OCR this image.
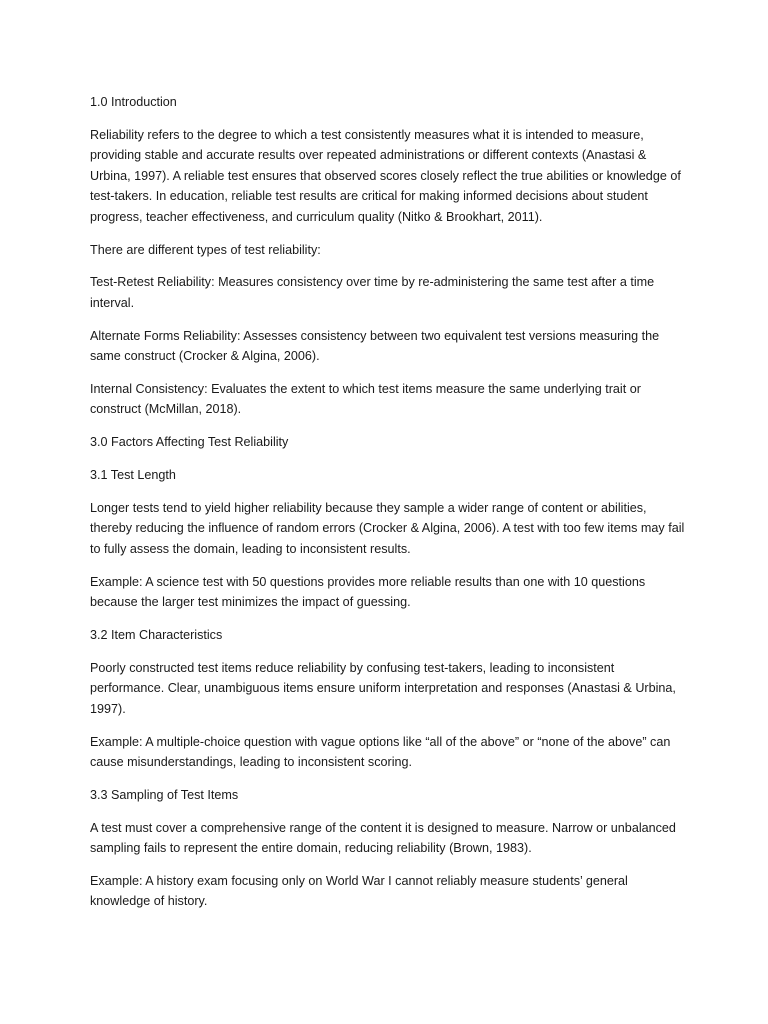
1.0 Introduction

Reliability refers to the degree to which a test consistently measures what it is intended to measure, providing stable and accurate results over repeated administrations or different contexts (Anastasi & Urbina, 1997). A reliable test ensures that observed scores closely reflect the true abilities or knowledge of test-takers. In education, reliable test results are critical for making informed decisions about student progress, teacher effectiveness, and curriculum quality (Nitko & Brookhart, 2011).

There are different types of test reliability:

Test-Retest Reliability: Measures consistency over time by re-administering the same test after a time interval.

Alternate Forms Reliability: Assesses consistency between two equivalent test versions measuring the same construct (Crocker & Algina, 2006).

Internal Consistency: Evaluates the extent to which test items measure the same underlying trait or construct (McMillan, 2018).

3.0 Factors Affecting Test Reliability

3.1 Test Length

Longer tests tend to yield higher reliability because they sample a wider range of content or abilities, thereby reducing the influence of random errors (Crocker & Algina, 2006). A test with too few items may fail to fully assess the domain, leading to inconsistent results.

Example: A science test with 50 questions provides more reliable results than one with 10 questions because the larger test minimizes the impact of guessing.

3.2 Item Characteristics

Poorly constructed test items reduce reliability by confusing test-takers, leading to inconsistent performance. Clear, unambiguous items ensure uniform interpretation and responses (Anastasi & Urbina, 1997).

Example: A multiple-choice question with vague options like “all of the above” or “none of the above” can cause misunderstandings, leading to inconsistent scoring.

3.3 Sampling of Test Items

A test must cover a comprehensive range of the content it is designed to measure. Narrow or unbalanced sampling fails to represent the entire domain, reducing reliability (Brown, 1983).

Example: A history exam focusing only on World War I cannot reliably measure students’ general knowledge of history.
